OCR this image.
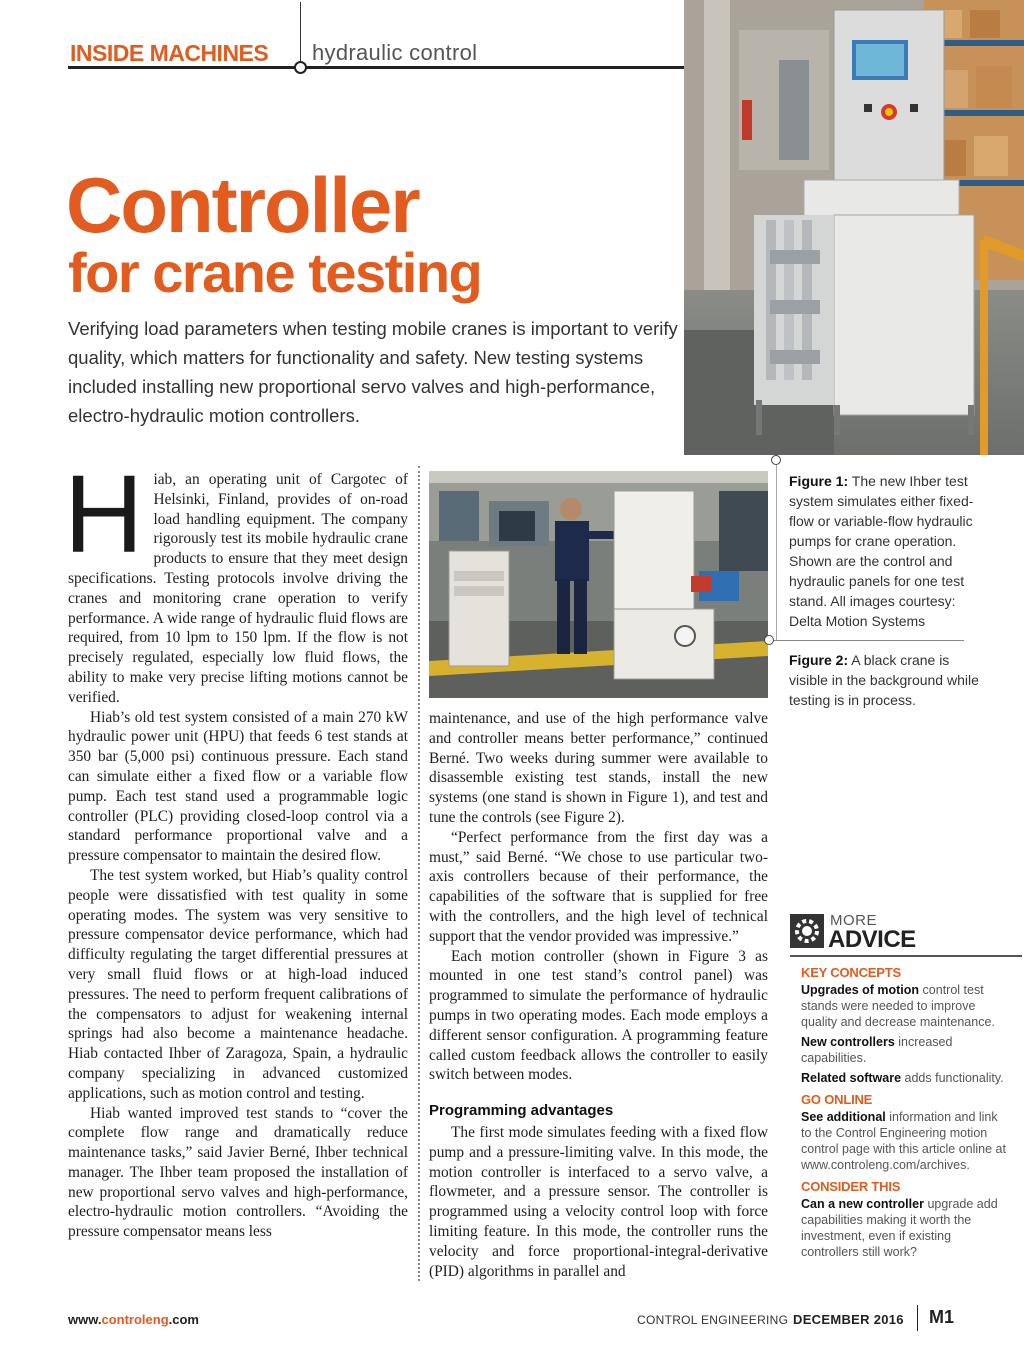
INSIDE MACHINES hydraulic control
Controller
for crane testing
Verifying load parameters when testing mobile cranes is important to verify quality, which matters for functionality and safety. New testing systems included installing new proportional servo valves and high-performance, electro-hydraulic motion controllers.
H iab, an operating unit of Cargotec of Helsinki, Finland, provides of on-road load handling equipment. The company rigorously test its mobile hydraulic crane products to ensure that they meet design specifications. Testing protocols involve driving the cranes and monitoring crane operation to verify performance. A wide range of hydraulic fluid flows are required, from 10 lpm to 150 lpm. If the flow is not precisely regulated, especially low fluid flows, the ability to make very precise lifting motions cannot be verified.

Hiab’s old test system consisted of a main 270 kW hydraulic power unit (HPU) that feeds 6 test stands at 350 bar (5,000 psi) continuous pressure. Each stand can simulate either a fixed flow or a variable flow pump. Each test stand used a programmable logic controller (PLC) providing closed-loop control via a standard performance proportional valve and a pressure compensator to maintain the desired flow.

The test system worked, but Hiab’s quality control people were dissatisfied with test quality in some operating modes. The system was very sensitive to pressure compensator device performance, which had difficulty regulating the target differential pressures at very small fluid flows or at high-load induced pressures. The need to perform frequent calibrations of the compensators to adjust for weakening internal springs had also become a maintenance headache. Hiab contacted Ihber of Zaragoza, Spain, a hydraulic company specializing in advanced customized applications, such as motion control and testing.

Hiab wanted improved test stands to “cover the complete flow range and dramatically reduce maintenance tasks,” said Javier Berné, Ihber technical manager. The Ihber team proposed the installation of new proportional servo valves and high-performance, electro-hydraulic motion controllers. “Avoiding the pressure compensator means less

maintenance, and use of the high performance valve and controller means better performance,” continued Berné. Two weeks during summer were available to disassemble existing test stands, install the new systems (one stand is shown in Figure 1), and test and tune the controls (see Figure 2).

“Perfect performance from the first day was a must,” said Berné. “We chose to use particular two-axis controllers because of their performance, the capabilities of the software that is supplied for free with the controllers, and the high level of technical support that the vendor provided was impressive.”

Each motion controller (shown in Figure 3 as mounted in one test stand’s control panel) was programmed to simulate the performance of hydraulic pumps in two operating modes. Each mode employs a different sensor configuration. A programming feature called custom feedback allows the controller to easily switch between modes.

Programming advantages

The first mode simulates feeding with a fixed flow pump and a pressure-limiting valve. In this mode, the motion controller is interfaced to a servo valve, a flowmeter, and a pressure sensor. The controller is programmed using a velocity control loop with force limiting feature. In this mode, the controller runs the velocity and force proportional-integral-derivative (PID) algorithms in parallel and

Figure 1: The new Ihber test system simulates either fixed-flow or variable-flow hydraulic pumps for crane operation. Shown are the control and hydraulic panels for one test stand. All images courtesy: Delta Motion Systems
Figure 2: A black crane is visible in the background while testing is in process.
MORE
ADVICE
KEY CONCEPTS

Upgrades of motion control test stands were needed to improve quality and decrease maintenance.

New controllers increased capabilities.

Related software adds functionality.

GO ONLINE

See additional information and link to the Control Engineering motion control page with this article online at www.controleng.com/archives.

CONSIDER THIS

Can a new controller upgrade add capabilities making it worth the investment, even if existing controllers still work?

www.controleng.com	CONTROL ENGINEERING DECEMBER 2016 M1
